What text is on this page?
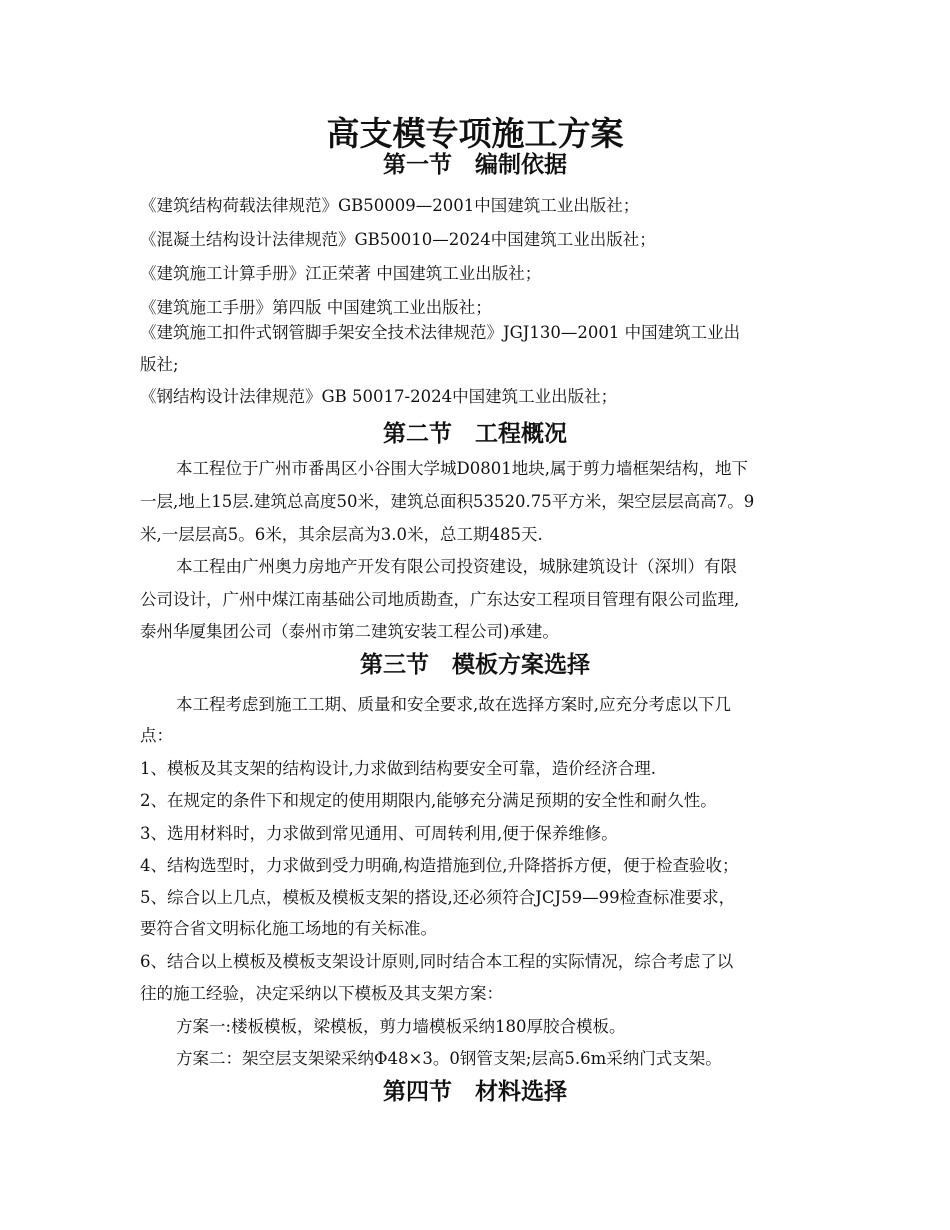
高支模专项施工方案
第一节　编制依据
《建筑结构荷载法律规范》GB50009—2001中国建筑工业出版社；
《混凝土结构设计法律规范》GB50010—2024中国建筑工业出版社；
《建筑施工计算手册》江正荣著 中国建筑工业出版社；
《建筑施工手册》第四版 中国建筑工业出版社；
《建筑施工扣件式钢管脚手架安全技术法律规范》JGJ130—2001 中国建筑工业出
版社;
《钢结构设计法律规范》GB 50017-2024中国建筑工业出版社；
第二节　工程概况
本工程位于广州市番禺区小谷围大学城D0801地块,属于剪力墙框架结构，地下
一层,地上15层.建筑总高度50米，建筑总面积53520.75平方米，架空层层高高7。9
米,一层层高5。6米，其余层高为3.0米，总工期485天.
本工程由广州奥力房地产开发有限公司投资建设，城脉建筑设计（深圳）有限
公司设计，广州中煤江南基础公司地质勘查，广东达安工程项目管理有限公司监理,
泰州华厦集团公司（泰州市第二建筑安装工程公司)承建。
第三节　模板方案选择
本工程考虑到施工工期、质量和安全要求,故在选择方案时,应充分考虑以下几
点：
1、模板及其支架的结构设计,力求做到结构要安全可靠，造价经济合理.
2、在规定的条件下和规定的使用期限内,能够充分满足预期的安全性和耐久性。
3、选用材料时，力求做到常见通用、可周转利用,便于保养维修。
4、结构选型时，力求做到受力明确,构造措施到位,升降搭拆方便，便于检查验收；
5、综合以上几点，模板及模板支架的搭设,还必须符合JCJ59—99检查标准要求，
要符合省文明标化施工场地的有关标准。
6、结合以上模板及模板支架设计原则,同时结合本工程的实际情况，综合考虑了以
往的施工经验，决定采纳以下模板及其支架方案：
方案一:楼板模板，梁模板，剪力墙模板采纳180厚胶合模板。
方案二：架空层支架梁采纳Φ48×3。0钢管支架;层高5.6m采纳门式支架。
第四节　材料选择
